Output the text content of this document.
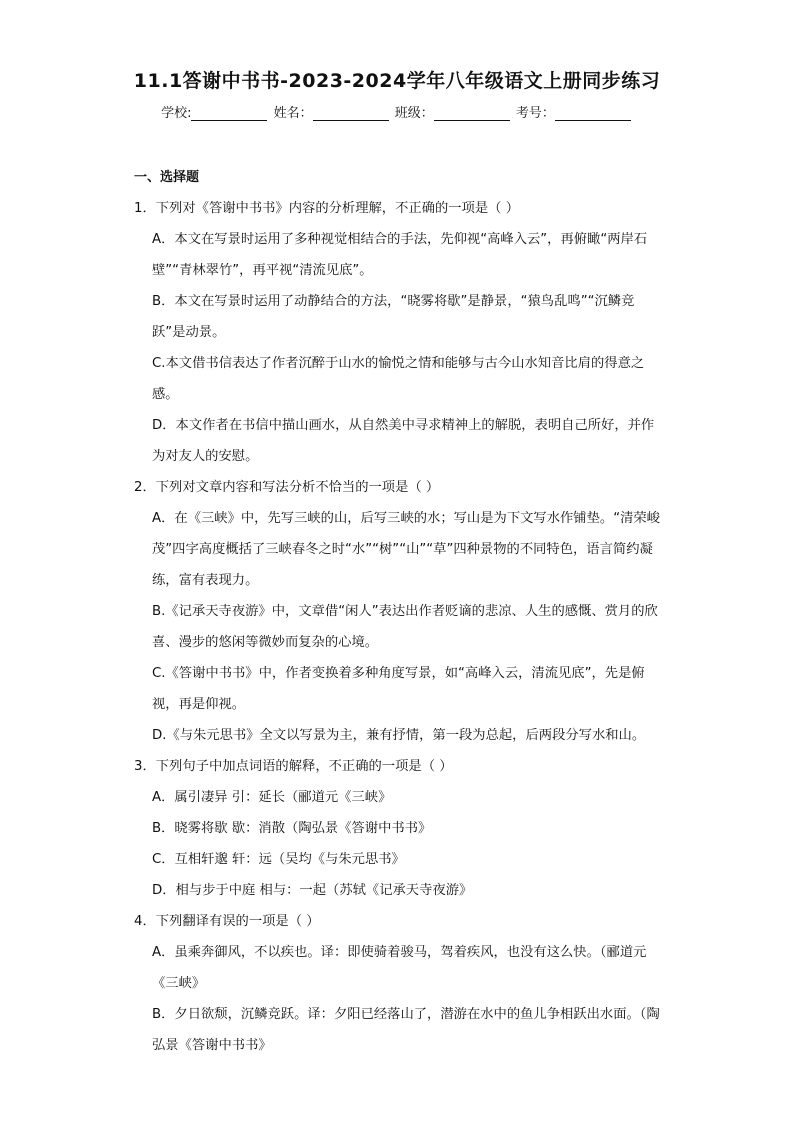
11.1答谢中书书-2023-2024学年八年级语文上册同步练习
学校:	姓名：	班级：	考号：
一、选择题
1．下列对《答谢中书书》内容的分析理解，不正确的一项是（ ）
A．本文在写景时运用了多种视觉相结合的手法，先仰视“高峰入云”，再俯瞰“两岸石壁”“青林翠竹”，再平视“清流见底”。
B．本文在写景时运用了动静结合的方法，“晓雾将歇”是静景，“猿鸟乱鸣”“沉鳞竞跃”是动景。
C.本文借书信表达了作者沉醉于山水的愉悦之情和能够与古今山水知音比肩的得意之感。
D．本文作者在书信中描山画水，从自然美中寻求精神上的解脱，表明自己所好，并作为对友人的安慰。
2．下列对文章内容和写法分析不恰当的一项是（ ）
A．在《三峡》中，先写三峡的山，后写三峡的水；写山是为下文写水作铺垫。“清荣峻茂”四字高度概括了三峡春冬之时“水”“树”“山”“草”四种景物的不同特色，语言简约凝练，富有表现力。
B.《记承天寺夜游》中，文章借“闲人”表达出作者贬谪的悲凉、人生的感慨、赏月的欣喜、漫步的悠闲等微妙而复杂的心境。
C.《答谢中书书》中，作者变换着多种角度写景，如“高峰入云，清流见底”，先是俯视，再是仰视。
D.《与朱元思书》全文以写景为主，兼有抒情，第一段为总起，后两段分写水和山。
3．下列句子中加点词语的解释，不正确的一项是（ ）
A．属引凄异 引：延长（郦道元《三峡》
B．晓雾将歇 歇：消散（陶弘景《答谢中书书》
C．互相轩邈 轩：远（吴均《与朱元思书》
D．相与步于中庭 相与：一起（苏轼《记承天寺夜游》
4．下列翻译有误的一项是（ ）
A．虽乘奔御风，不以疾也。译：即使骑着骏马，驾着疾风，也没有这么快。（郦道元《三峡》
B．夕日欲颓，沉鳞竞跃。译：夕阳已经落山了，潜游在水中的鱼儿争相跃出水面。（陶弘景《答谢中书书》
